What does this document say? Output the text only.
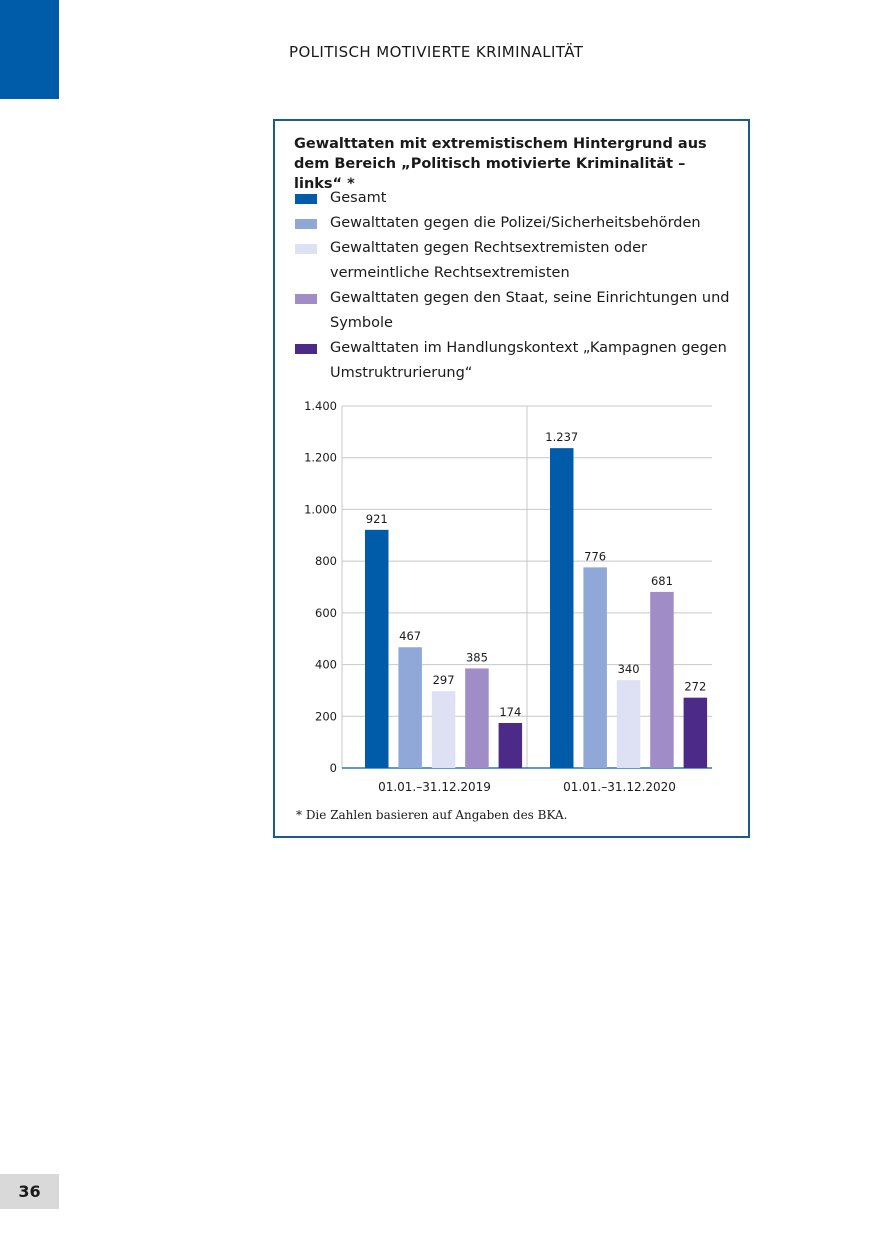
POLITISCH MOTIVIERTE KRIMINALITÄT
Gewalttaten mit extremistischem Hintergrund aus dem Bereich „Politisch motivierte Kriminalität – links“ *
Gesamt
Gewalttaten gegen die Polizei/Sicherheitsbehörden
Gewalttaten gegen Rechtsextremisten oder vermeintliche Rechtsextremisten
Gewalttaten gegen den Staat, seine Einrichtungen und Symbole
Gewalttaten im Handlungskontext „Kampagnen gegen Umstruktrurierung“
* Die Zahlen basieren auf Angaben des BKA.
0
200
400
600
800
1.000
1.200
1.400
921
467
297
385
174
01.01.–31.12.2019
1.237
776
340
681
272
01.01.–31.12.2020
36
